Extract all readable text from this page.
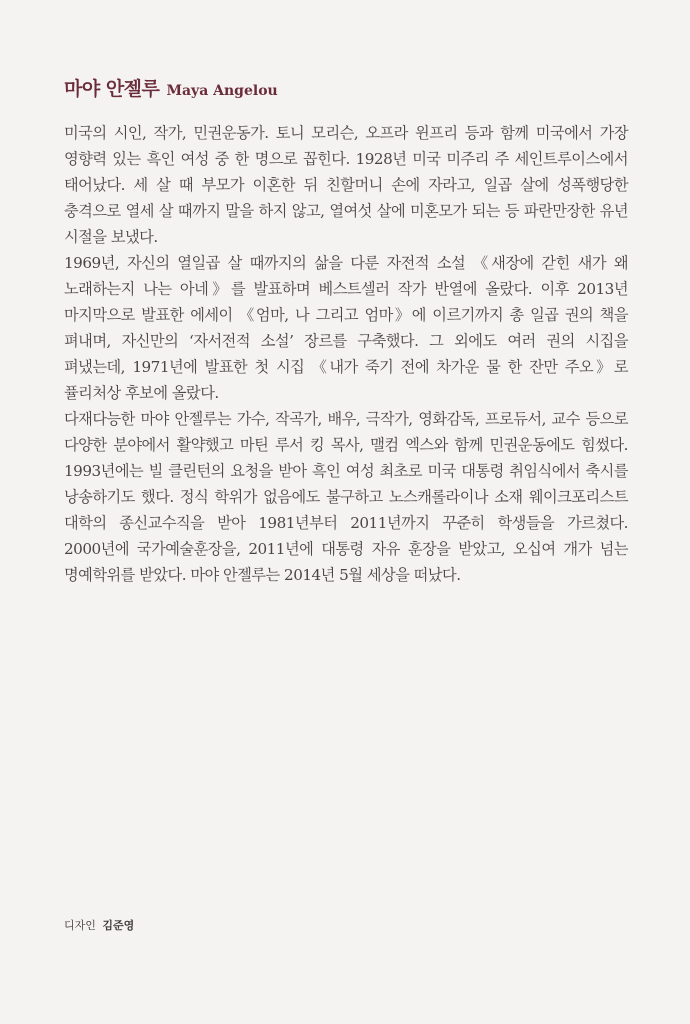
마야 안젤루 Maya Angelou

미국의 시인, 작가, 민권운동가. 토니 모리슨, 오프라 윈프리 등과 함께 미국에서 가장 영향력 있는 흑인 여성 중 한 명으로 꼽힌다. 1928년 미국 미주리 주 세인트루이스에서 태어났다. 세 살 때 부모가 이혼한 뒤 친할머니 손에 자라고, 일곱 살에 성폭행당한 충격으로 열세 살 때까지 말을 하지 않고, 열여섯 살에 미혼모가 되는 등 파란만장한 유년 시절을 보냈다.

1969년, 자신의 열일곱 살 때까지의 삶을 다룬 자전적 소설 《새장에 갇힌 새가 왜 노래하는지 나는 아네》를 발표하며 베스트셀러 작가 반열에 올랐다. 이후 2013년 마지막으로 발표한 에세이 《엄마, 나 그리고 엄마》에 이르기까지 총 일곱 권의 책을 펴내며, 자신만의 ‘자서전적 소설’ 장르를 구축했다. 그 외에도 여러 권의 시집을 펴냈는데, 1971년에 발표한 첫 시집 《내가 죽기 전에 차가운 물 한 잔만 주오》로 퓰리처상 후보에 올랐다.

다재다능한 마야 안젤루는 가수, 작곡가, 배우, 극작가, 영화감독, 프로듀서, 교수 등으로 다양한 분야에서 활약했고 마틴 루서 킹 목사, 맬컴 엑스와 함께 민권운동에도 힘썼다. 1993년에는 빌 클린턴의 요청을 받아 흑인 여성 최초로 미국 대통령 취임식에서 축시를 낭송하기도 했다. 정식 학위가 없음에도 불구하고 노스캐롤라이나 소재 웨이크포리스트 대학의 종신교수직을 받아 1981년부터 2011년까지 꾸준히 학생들을 가르쳤다. 2000년에 국가예술훈장을, 2011년에 대통령 자유 훈장을 받았고, 오십여 개가 넘는 명예학위를 받았다. 마야 안젤루는 2014년 5월 세상을 떠났다.

디자인 김준영
